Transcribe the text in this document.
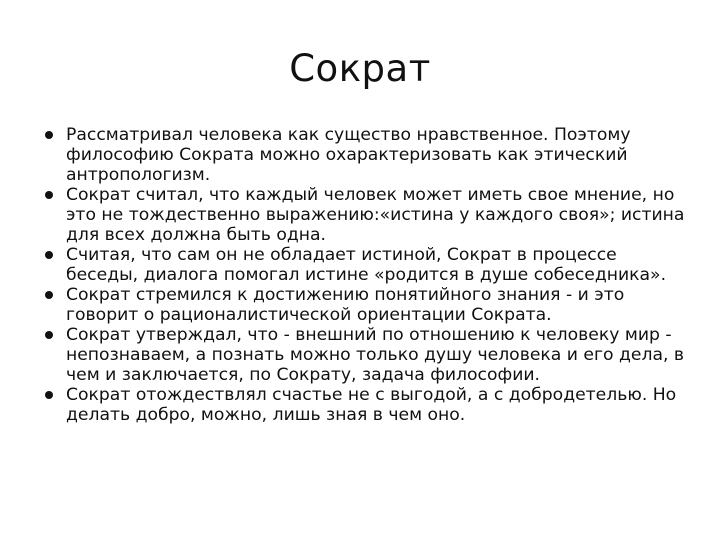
Сократ
Рассматривал человека как существо нравственное. Поэтому философию Сократа можно охарактеризовать как этический антропологизм.
Сократ считал, что каждый человек может иметь свое мнение, но это не тождественно выражению:«истина у каждого своя»; истина для всех должна быть одна.
Считая, что сам он не обладает истиной, Сократ в процессе беседы, диалога помогал истине «родится в душе собеседника».
Сократ стремился к достижению понятийного знания - и это говорит о рационалистической ориентации Сократа.
Сократ утверждал, что - внешний по отношению к человеку мир - непознаваем, а познать можно только душу человека и его дела, в чем и заключается, по Сократу, задача философии.
Сократ отождествлял счастье не с выгодой, а с добродетелью. Но делать добро, можно, лишь зная в чем оно.
